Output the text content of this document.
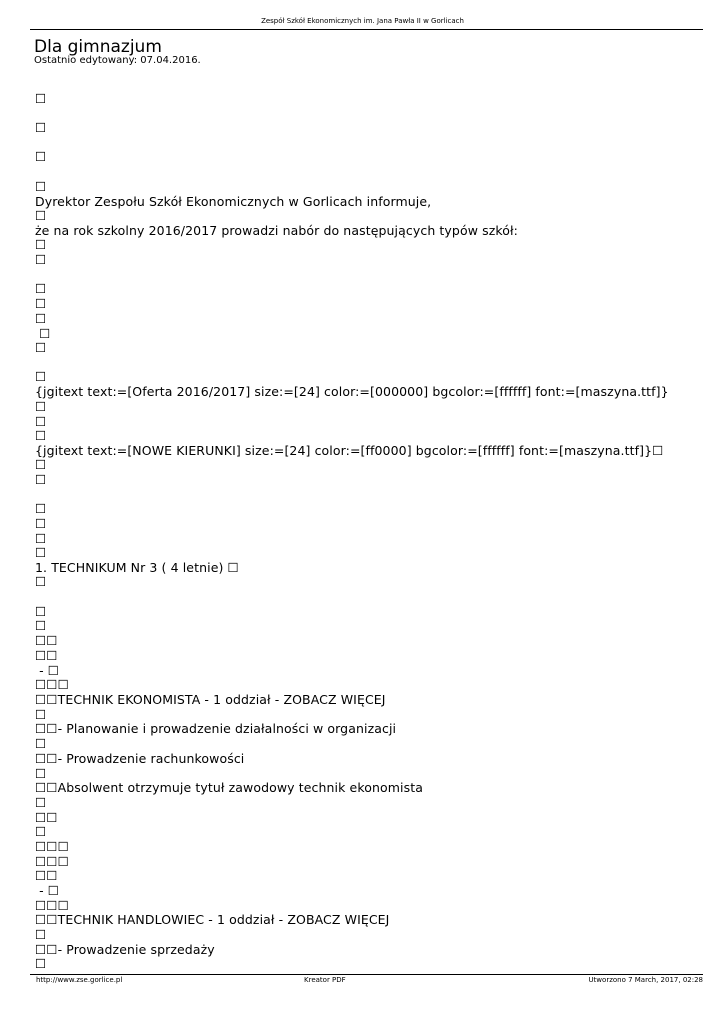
Zespół Szkół Ekonomicznych im. Jana Pawła II w Gorlicach
Dla gimnazjum
Ostatnio edytowany: 07.04.2016.
☐
☐
☐
☐
Dyrektor Zespołu Szkół Ekonomicznych w Gorlicach informuje,
☐
że na rok szkolny 2016/2017 prowadzi nabór do następujących typów szkół:
☐
☐
☐
☐
☐
☐
☐
☐
{jgitext text:=[Oferta 2016/2017] size:=[24] color:=[000000] bgcolor:=[ffffff] font:=[maszyna.ttf]}
☐
☐
☐
{jgitext text:=[NOWE KIERUNKI] size:=[24] color:=[ff0000] bgcolor:=[ffffff] font:=[maszyna.ttf]}☐
☐
☐
☐
☐
☐
☐
1. TECHNIKUM Nr 3 ( 4 letnie) ☐
☐
☐
☐
☐☐
☐☐
- ☐
☐☐☐
☐☐TECHNIK EKONOMISTA - 1 oddział - ZOBACZ WIĘCEJ
☐
☐☐- Planowanie i prowadzenie działalności w organizacji
☐
☐☐- Prowadzenie rachunkowości
☐
☐☐Absolwent otrzymuje tytuł zawodowy technik ekonomista
☐
☐☐
☐
☐☐☐
☐☐☐
☐☐
- ☐
☐☐☐
☐☐TECHNIK HANDLOWIEC - 1 oddział - ZOBACZ WIĘCEJ
☐
☐☐- Prowadzenie sprzedaży
☐
http://www.zse.gorlice.pl	Kreator PDF	Utworzono 7 March, 2017, 02:28
